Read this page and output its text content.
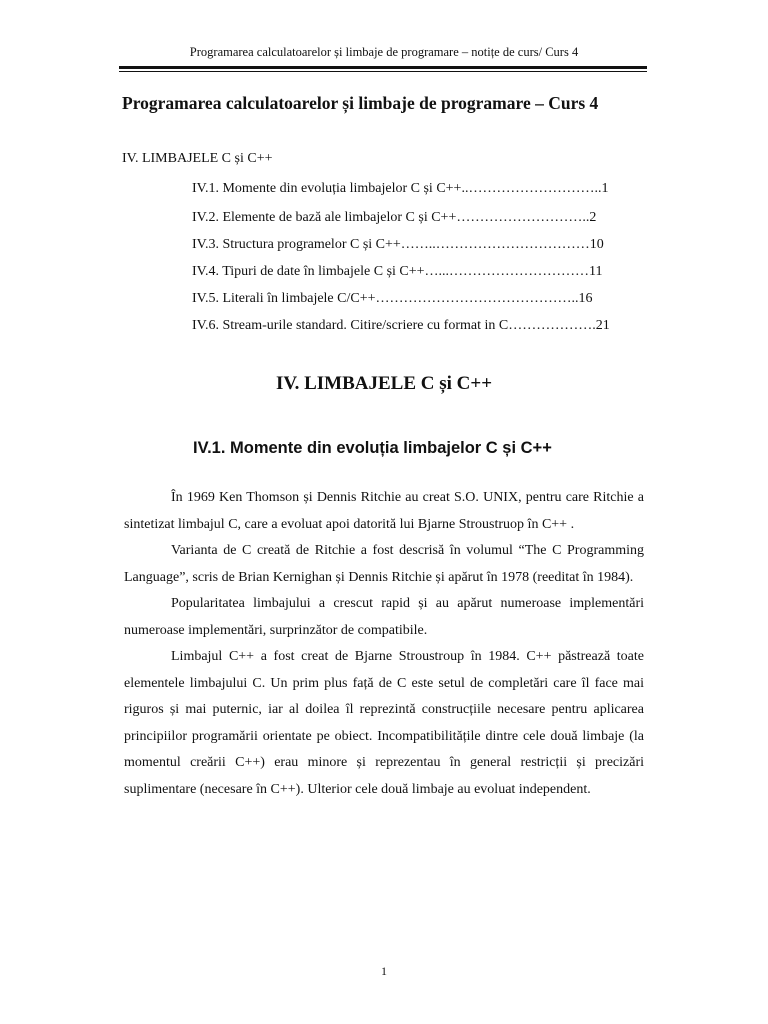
Programarea calculatoarelor și limbaje de programare – notițe de curs/ Curs 4
Programarea calculatoarelor și limbaje de programare – Curs 4
IV. LIMBAJELE C și C++
IV.1. Momente din evoluția limbajelor C și C++..………………………..1
IV.2. Elemente de bază ale limbajelor C și C++………………………..2
IV.3. Structura programelor C și C++……..……………………………10
IV.4. Tipuri de date în limbajele C și C++…...…………………………11
IV.5. Literali în limbajele C/C++……………………………………..16
IV.6. Stream-urile standard. Citire/scriere cu format in C……………….21
IV. LIMBAJELE C și C++
IV.1. Momente din evoluția limbajelor C și C++

În 1969 Ken Thomson și Dennis Ritchie au creat S.O. UNIX, pentru care Ritchie a sintetizat limbajul C, care a evoluat apoi datorită lui Bjarne Stroustruop în C++ .

Varianta de C creată de Ritchie a fost descrisă în volumul “The C Programming Language”, scris de Brian Kernighan și Dennis Ritchie și apărut în 1978 (reeditat în 1984).

Popularitatea limbajului a crescut rapid și au apărut numeroase implementări numeroase implementări, surprinzător de compatibile.

Limbajul C++ a fost creat de Bjarne Stroustroup în 1984. C++ păstrează toate elementele limbajului C. Un prim plus față de C este setul de completări care îl face mai riguros și mai puternic, iar al doilea îl reprezintă construcțiile necesare pentru aplicarea principiilor programării orientate pe obiect. Incompatibilitățile dintre cele două limbaje (la momentul creării C++) erau minore și reprezentau în general restricții și precizări suplimentare (necesare în C++). Ulterior cele două limbaje au evoluat independent.

1
